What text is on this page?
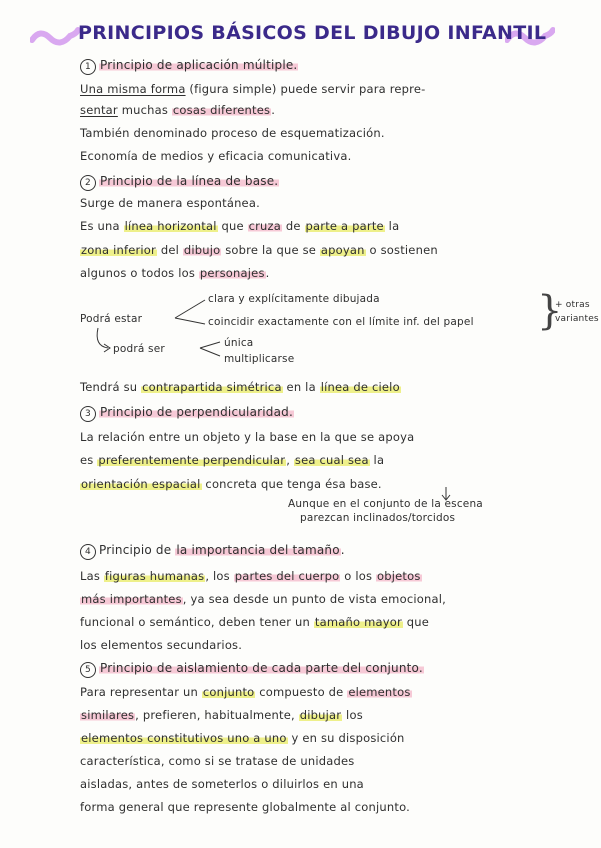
PRINCIPIOS BÁSICOS DEL DIBUJO INFANTIL
1 Principio de aplicación múltiple.
Una misma forma (figura simple) puede servir para repre-
sentar muchas cosas diferentes.
También denominado proceso de esquematización.
Economía de medios y eficacia comunicativa.
2 Principio de la línea de base.
Surge de manera espontánea.
Es una línea horizontal que cruza de parte a parte la
zona inferior del dibujo sobre la que se apoyan o sostienen
algunos o todos los personajes.
Podrá estar
clara y explícitamente dibujada
coincidir exactamente con el límite inf. del papel }
+ otras
variantes
podrá ser	única
multiplicarse
Tendrá su contrapartida simétrica en la línea de cielo
3 Principio de perpendicularidad.
La relación entre un objeto y la base en la que se apoya
es preferentemente perpendicular, sea cual sea la
orientación espacial concreta que tenga ésa base.
Aunque en el conjunto de la escena
parezcan inclinados/torcidos
4 Principio de la importancia del tamaño.
Las figuras humanas, los partes del cuerpo o los objetos
más importantes, ya sea desde un punto de vista emocional,
funcional o semántico, deben tener un tamaño mayor que
los elementos secundarios.
5 Principio de aislamiento de cada parte del conjunto.
Para representar un conjunto compuesto de elementos
similares, prefieren, habitualmente, dibujar los
elementos constitutivos uno a uno y en su disposición
característica, como si se tratase de unidades
aisladas, antes de someterlos o diluirlos en una
forma general que represente globalmente al conjunto.
